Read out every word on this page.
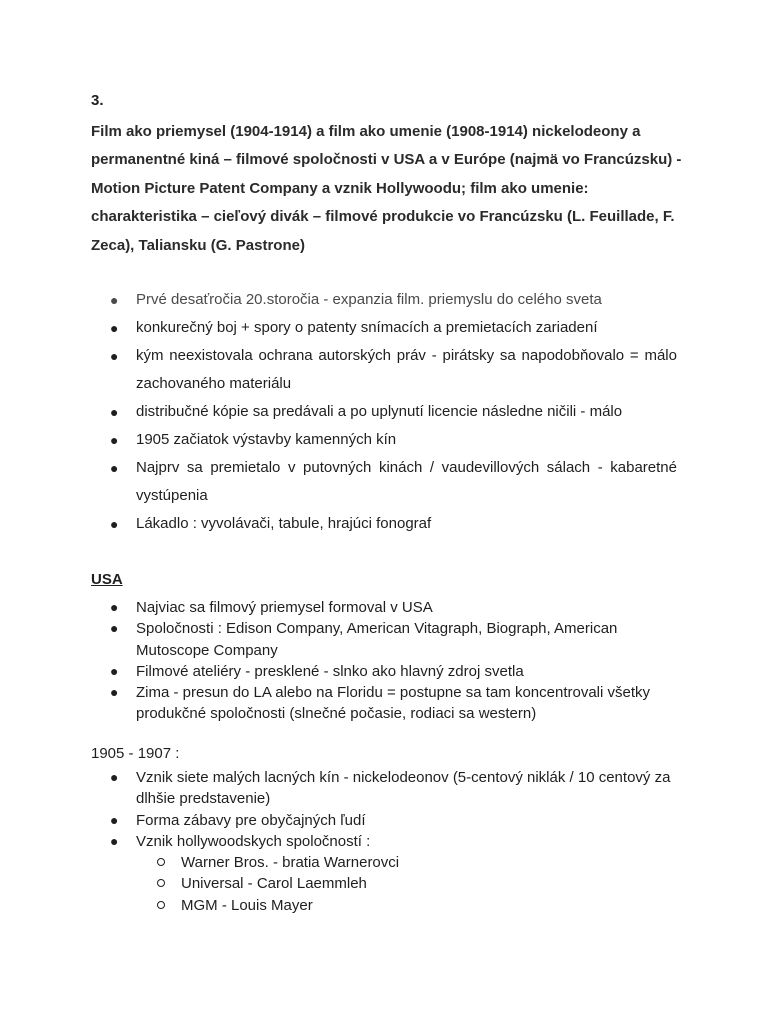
3.
Film ako priemysel (1904-1914) a film ako umenie (1908-1914) nickelodeony a permanentné kiná – filmové spoločnosti v USA a v Európe (najmä vo Francúzsku) - Motion Picture Patent Company a vznik Hollywoodu; film ako umenie: charakteristika – cieľový divák – filmové produkcie vo Francúzsku (L. Feuillade, F. Zeca), Taliansku (G. Pastrone)
● Prvé desaťročia 20.storočia - expanzia film. priemyslu do celého sveta
● konkurečný boj + spory o patenty snímacích a premietacích zariadení
● kým neexistovala ochrana autorských práv - pirátsky sa napodobňovalo = málo zachovaného materiálu
● distribučné kópie sa predávali a po uplynutí licencie následne ničili - málo
● 1905 začiatok výstavby kamenných kín
● Najprv sa premietalo v putovných kinách / vaudevillových sálach - kabaretné vystúpenia
● Lákadlo : vyvolávači, tabule, hrajúci fonograf
USA
● Najviac sa filmový priemysel formoval v USA
● Spoločnosti : Edison Company, American Vitagraph, Biograph, American Mutoscope Company
● Filmové ateliéry - presklené - slnko ako hlavný zdroj svetla
● Zima - presun do LA alebo na Floridu = postupne sa tam koncentrovali všetky produkčné spoločnosti (slnečné počasie, rodiaci sa western)
1905 - 1907 :
● Vznik siete malých lacných kín - nickelodeonov (5-centový niklák / 10 centový za dlhšie predstavenie)
● Forma zábavy pre obyčajných ľudí
● Vznik hollywoodskych spoločností :
Warner Bros. - bratia Warnerovci
Universal - Carol Laemmleh
MGM - Louis Mayer
